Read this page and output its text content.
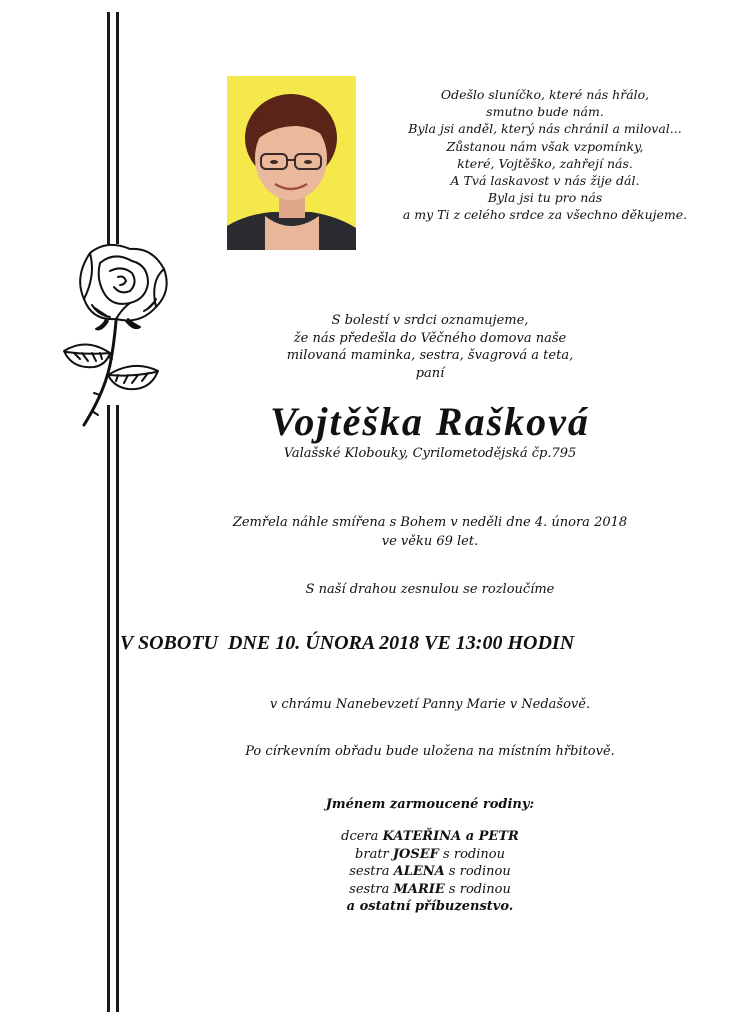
Odešlo sluníčko, které nás hřálo,
smutno bude nám.
Byla jsi anděl, který nás chránil a miloval...
Zůstanou nám však vzpomínky,
které, Vojtěško, zahřejí nás.
A Tvá laskavost v nás žije dál.
Byla jsi tu pro nás
a my Ti z celého srdce za všechno děkujeme.
S bolestí v srdci oznamujeme,
že nás předešla do Věčného domova naše
milovaná maminka, sestra, švagrová a teta,
paní
Vojtěška Rašková
Valašské Klobouky, Cyrilometodějská čp.795
Zemřela náhle smířena s Bohem v neděli dne 4. února 2018
ve věku 69 let.
S naší drahou zesnulou se rozloučíme
V SOBOTU  DNE 10. ÚNORA 2018 VE 13:00 HODIN
v chrámu Nanebevzetí Panny Marie v Nedašově.
Po církevním obřadu bude uložena na místním hřbitově.
Jménem zarmoucené rodiny:
dcera KATEŘINA a PETR
bratr JOSEF s rodinou
sestra ALENA s rodinou
sestra MARIE s rodinou
a ostatní příbuzenstvo.
